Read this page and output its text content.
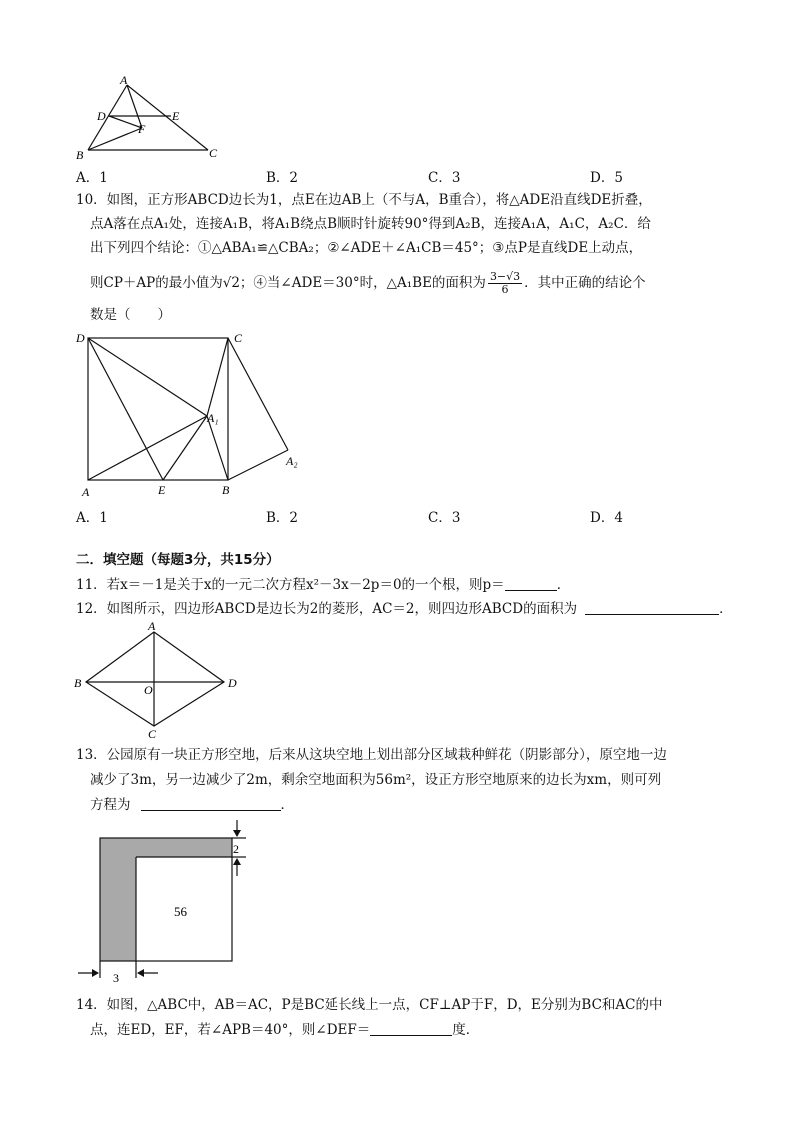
A
D	E
F
B	C
A．1	B．2	C．3	D．5
10．如图，正方形ABCD边长为1，点E在边AB上（不与A，B重合），将△ADE沿直线DE折叠，
点A落在点A₁处，连接A₁B，将A₁B绕点B顺时针旋转90°得到A₂B，连接A₁A，A₁C，A₂C．给
出下列四个结论：①△ABA₁≌△CBA₂；②∠ADE＋∠A₁CB＝45°；③点P是直线DE上动点，
则CP＋AP的最小值为√2；④当∠ADE＝30°时，△A₁BE的面积为 $\frac{3-√3}{6}$ ．其中正确的结论个
数是（　　）
D	C
A₁
A₂
A	E	B
A．1	B．2	C．3	D．4
二．填空题（每题3分，共15分）
11．若x＝－1是关于x的一元二次方程x²－3x－2p＝0的一个根，则p＝	．
12．如图所示，四边形ABCD是边长为2的菱形，AC＝2，则四边形ABCD的面积为	．
A
B	O	D
C
13．公园原有一块正方形空地，后来从这块空地上划出部分区域栽种鲜花（阴影部分），原空地一边
减少了3m，另一边减少了2m，剩余空地面积为56m²，设正方形空地原来的边长为xm，则可列
方程为	．
2
56
3
14．如图，△ABC中，AB＝AC，P是BC延长线上一点，CF⊥AP于F，D，E分别为BC和AC的中
点，连ED，EF，若∠APB＝40°，则∠DEF＝	度．
